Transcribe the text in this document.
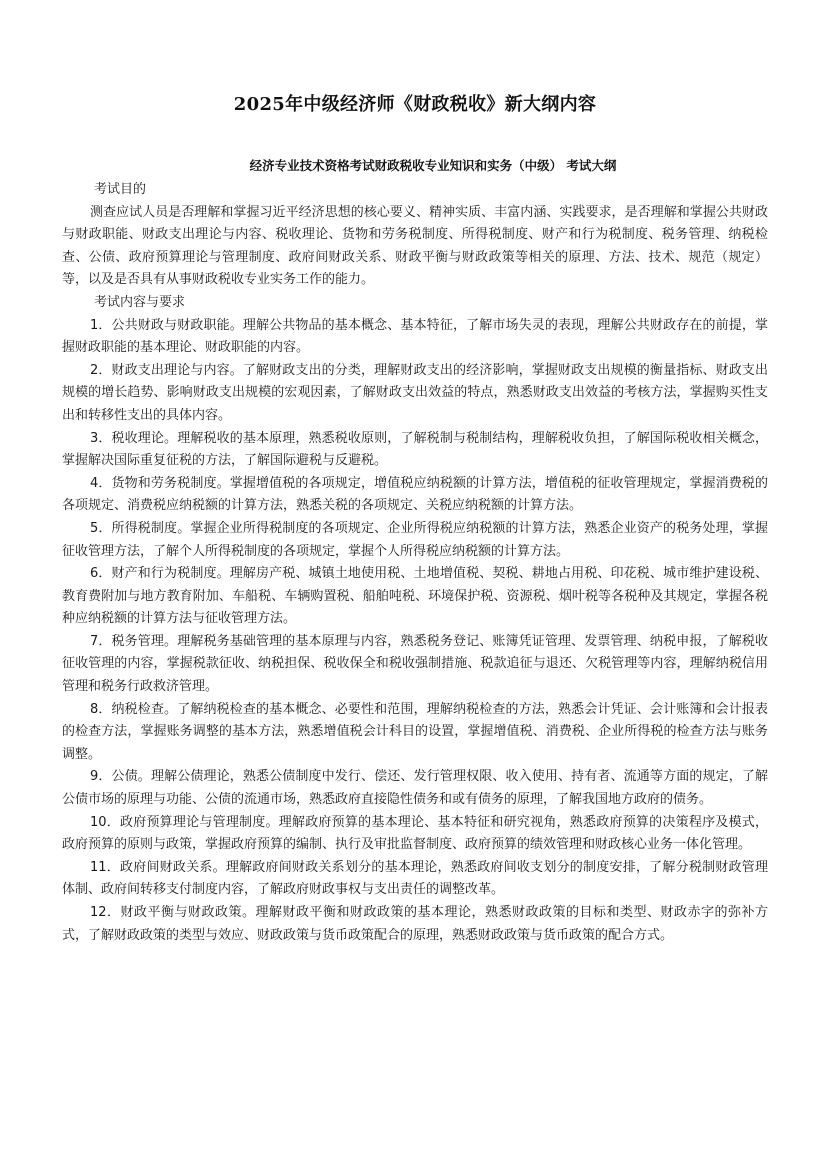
2025年中级经济师《财政税收》新大纲内容
经济专业技术资格考试财政税收专业知识和实务（中级） 考试大纲

考试目的

测查应试人员是否理解和掌握习近平经济思想的核心要义、精神实质、丰富内涵、实践要求，是否理解和掌握公共财政与财政职能、财政支出理论与内容、税收理论、货物和劳务税制度、所得税制度、财产和行为税制度、税务管理、纳税检查、公债、政府预算理论与管理制度、政府间财政关系、财政平衡与财政政策等相关的原理、方法、技术、规范（规定）等，以及是否具有从事财政税收专业实务工作的能力。

考试内容与要求

1．公共财政与财政职能。理解公共物品的基本概念、基本特征，了解市场失灵的表现，理解公共财政存在的前提，掌握财政职能的基本理论、财政职能的内容。

2．财政支出理论与内容。了解财政支出的分类，理解财政支出的经济影响，掌握财政支出规模的衡量指标、财政支出规模的增长趋势、影响财政支出规模的宏观因素，了解财政支出效益的特点，熟悉财政支出效益的考核方法，掌握购买性支出和转移性支出的具体内容。

3．税收理论。理解税收的基本原理，熟悉税收原则，了解税制与税制结构，理解税收负担，了解国际税收相关概念，掌握解决国际重复征税的方法，了解国际避税与反避税。

4．货物和劳务税制度。掌握增值税的各项规定，增值税应纳税额的计算方法，增值税的征收管理规定，掌握消费税的各项规定、消费税应纳税额的计算方法，熟悉关税的各项规定、关税应纳税额的计算方法。

5．所得税制度。掌握企业所得税制度的各项规定、企业所得税应纳税额的计算方法，熟悉企业资产的税务处理，掌握征收管理方法，了解个人所得税制度的各项规定，掌握个人所得税应纳税额的计算方法。

6．财产和行为税制度。理解房产税、城镇土地使用税、土地增值税、契税、耕地占用税、印花税、城市维护建设税、教育费附加与地方教育附加、车船税、车辆购置税、船舶吨税、环境保护税、资源税、烟叶税等各税种及其规定，掌握各税种应纳税额的计算方法与征收管理方法。

7．税务管理。理解税务基础管理的基本原理与内容，熟悉税务登记、账簿凭证管理、发票管理、纳税申报，了解税收征收管理的内容，掌握税款征收、纳税担保、税收保全和税收强制措施、税款追征与退还、欠税管理等内容，理解纳税信用管理和税务行政救济管理。

8．纳税检查。了解纳税检查的基本概念、必要性和范围，理解纳税检查的方法，熟悉会计凭证、会计账簿和会计报表的检查方法，掌握账务调整的基本方法，熟悉增值税会计科目的设置，掌握增值税、消费税、企业所得税的检查方法与账务调整。

9．公债。理解公债理论，熟悉公债制度中发行、偿还、发行管理权限、收入使用、持有者、流通等方面的规定，了解公债市场的原理与功能、公债的流通市场，熟悉政府直接隐性债务和或有债务的原理，了解我国地方政府的债务。

10．政府预算理论与管理制度。理解政府预算的基本理论、基本特征和研究视角，熟悉政府预算的决策程序及模式，政府预算的原则与政策，掌握政府预算的编制、执行及审批监督制度、政府预算的绩效管理和财政核心业务一体化管理。

11．政府间财政关系。理解政府间财政关系划分的基本理论，熟悉政府间收支划分的制度安排，了解分税制财政管理体制、政府间转移支付制度内容，了解政府财政事权与支出责任的调整改革。

12．财政平衡与财政政策。理解财政平衡和财政政策的基本理论，熟悉财政政策的目标和类型、财政赤字的弥补方式，了解财政政策的类型与效应、财政政策与货币政策配合的原理，熟悉财政政策与货币政策的配合方式。
